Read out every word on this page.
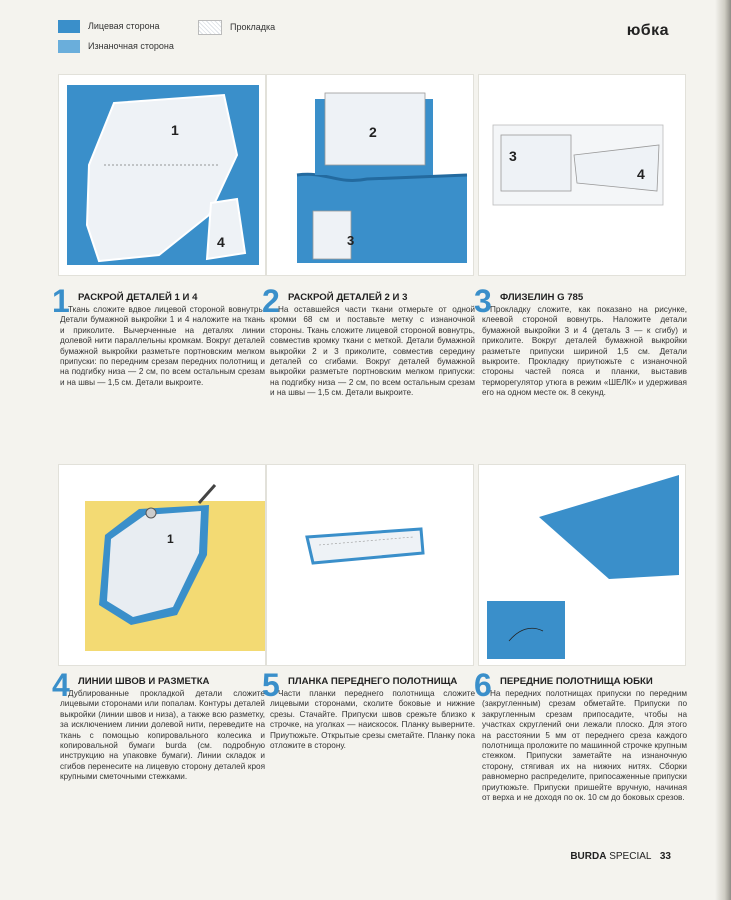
Лицевая сторона	Прокладка
Изнаночная сторона
юбка
1
4
2
3
3
4
1 РАСКРОЙ ДЕТАЛЕЙ 1 И 4

Ткань сложите вдвое лицевой стороной вовнутрь. Детали бумажной выкройки 1 и 4 наложите на ткань и приколите. Вычерченные на деталях линии долевой нити параллельны кромкам. Вокруг деталей бумажной выкройки разметьте портновским мелком припуски: по передним срезам передних полотнищ и на подгибку низа — 2 см, по всем остальным срезам и на швы — 1,5 см. Детали выкроите.

2 РАСКРОЙ ДЕТАЛЕЙ 2 И 3

На оставшейся части ткани отмерьте от одной кромки 68 см и поставьте метку с изнаночной стороны. Ткань сложите лицевой стороной вовнутрь, совместив кромку ткани с меткой. Детали бумажной выкройки 2 и 3 приколите, совместив середину деталей со сгибами. Вокруг деталей бумажной выкройки разметьте портновским мелком припуски: на подгибку низа — 2 см, по всем остальным срезам и на швы — 1,5 см. Детали выкроите.

3 ФЛИЗЕЛИН G 785

Прокладку сложите, как показано на рисунке, клеевой стороной вовнутрь. Наложите детали бумажной выкройки 3 и 4 (деталь 3 — к сгибу) и приколите. Вокруг деталей бумажной выкройки разметьте припуски шириной 1,5 см. Детали выкроите. Прокладку приутюжьте с изнаночной стороны частей пояса и планки, выставив терморегулятор утюга в режим «ШЕЛК» и удерживая его на одном месте ок. 8 секунд.

1
4 ЛИНИИ ШВОВ И РАЗМЕТКА

Дублированные прокладкой детали сложите лицевыми сторонами или попалам. Контуры деталей выкройки (линии швов и низа), а также всю разметку, за исключением линии долевой нити, переведите на ткань с помощью копировального колесика и копировальной бумаги burda (см. подробную инструкцию на упаковке бумаги). Линии складок и сгибов перенесите на лицевую сторону деталей кроя крупными сметочными стежками.

5 ПЛАНКА ПЕРЕДНЕГО ПОЛОТНИЩА

Части планки переднего полотнища сложите лицевыми сторонами, сколите боковые и нижние срезы. Стачайте. Припуски швов срежьте близко к строчке, на уголках — наискосок. Планку выверните. Приутюжьте. Открытые срезы сметайте. Планку пока отложите в сторону.

6 ПЕРЕДНИЕ ПОЛОТНИЩА ЮБКИ

На передних полотнищах припуски по передним (закругленным) срезам обметайте. Припуски по закругленным срезам припосадите, чтобы на участках скруглений они лежали плоско. Для этого на расстоянии 5 мм от переднего среза каждого полотнища проложите по машинной строчке крупным стежком. Припуски заметайте на изнаночную сторону, стягивая их на нижних нитях. Сборки равномерно распределите, припосаженные припуски приутюжьте. Припуски пришейте вручную, начиная от верха и не доходя по ок. 10 см до боковых срезов.

BURDA SPECIAL 33
